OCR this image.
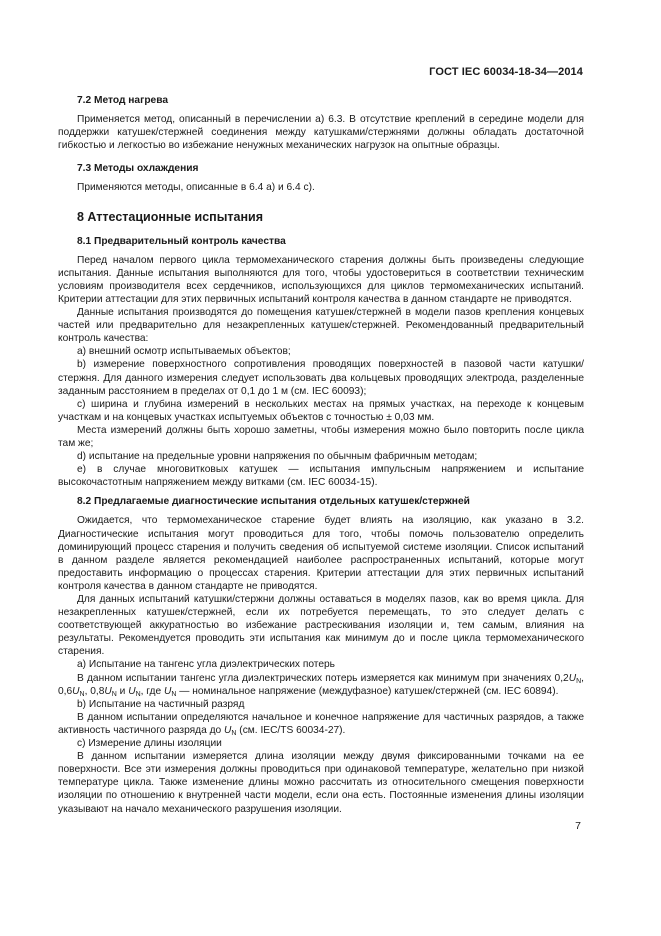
ГОСТ IEC 60034-18-34—2014
7.2 Метод нагрева

Применяется метод, описанный в перечислении а) 6.3. В отсутствие креплений в середине модели для поддержки катушек/стержней соединения между катушками/стержнями должны обладать достаточной гибкостью и легкостью во избежание ненужных механических нагрузок на опытные образцы.

7.3 Методы охлаждения

Применяются методы, описанные в 6.4 а) и 6.4 с).

8 Аттестационные испытания
8.1 Предварительный контроль качества

Перед началом первого цикла термомеханического старения должны быть произведены следующие испытания. Данные испытания выполняются для того, чтобы удостовериться в соответствии техническим условиям производителя всех сердечников, использующихся для циклов термомеханических испытаний. Критерии аттестации для этих первичных испытаний контроля качества в данном стандарте не приводятся.

Данные испытания производятся до помещения катушек/стержней в модели пазов крепления концевых частей или предварительно для незакрепленных катушек/стержней. Рекомендованный предварительный контроль качества:

а) внешний осмотр испытываемых объектов;

b) измерение поверхностного сопротивления проводящих поверхностей в пазовой части катушки/стержня. Для данного измерения следует использовать два кольцевых проводящих электрода, разделенные заданным расстоянием в пределах от 0,1 до 1 м (см. IEC 60093);

с) ширина и глубина измерений в нескольких местах на прямых участках, на переходе к концевым участкам и на концевых участках испытуемых объектов с точностью ± 0,03 мм.

Места измерений должны быть хорошо заметны, чтобы измерения можно было повторить после цикла там же;

d) испытание на предельные уровни напряжения по обычным фабричным методам;

е) в случае многовитковых катушек — испытания импульсным напряжением и испытание высокочастотным напряжением между витками (см. IEC 60034-15).

8.2 Предлагаемые диагностические испытания отдельных катушек/стержней

Ожидается, что термомеханическое старение будет влиять на изоляцию, как указано в 3.2. Диагностические испытания могут проводиться для того, чтобы помочь пользователю определить доминирующий процесс старения и получить сведения об испытуемой системе изоляции. Список испытаний в данном разделе является рекомендацией наиболее распространенных испытаний, которые могут предоставить информацию о процессах старения. Критерии аттестации для этих первичных испытаний контроля качества в данном стандарте не приводятся.

Для данных испытаний катушки/стержни должны оставаться в моделях пазов, как во время цикла. Для незакрепленных катушек/стержней, если их потребуется перемещать, то это следует делать с соответствующей аккуратностью во избежание растрескивания изоляции и, тем самым, влияния на результаты. Рекомендуется проводить эти испытания как минимум до и после цикла термомеханического старения.

а) Испытание на тангенс угла диэлектрических потерь

В данном испытании тангенс угла диэлектрических потерь измеряется как минимум при значениях $0,2U_N$, $0,6U_N$, $0,8U_N$ и $U_N$, где $U_N$ — номинальное напряжение (междуфазное) катушек/стержней (см. IEC 60894).

b) Испытание на частичный разряд

В данном испытании определяются начальное и конечное напряжение для частичных разрядов, а также активность частичного разряда до $U_N$ (см. IEC/TS 60034-27).

с) Измерение длины изоляции

В данном испытании измеряется длина изоляции между двумя фиксированными точками на ее поверхности. Все эти измерения должны проводиться при одинаковой температуре, желательно при низкой температуре цикла. Также изменение длины можно рассчитать из относительного смещения поверхности изоляции по отношению к внутренней части модели, если она есть. Постоянные изменения длины изоляции указывают на начало механического разрушения изоляции.

7
